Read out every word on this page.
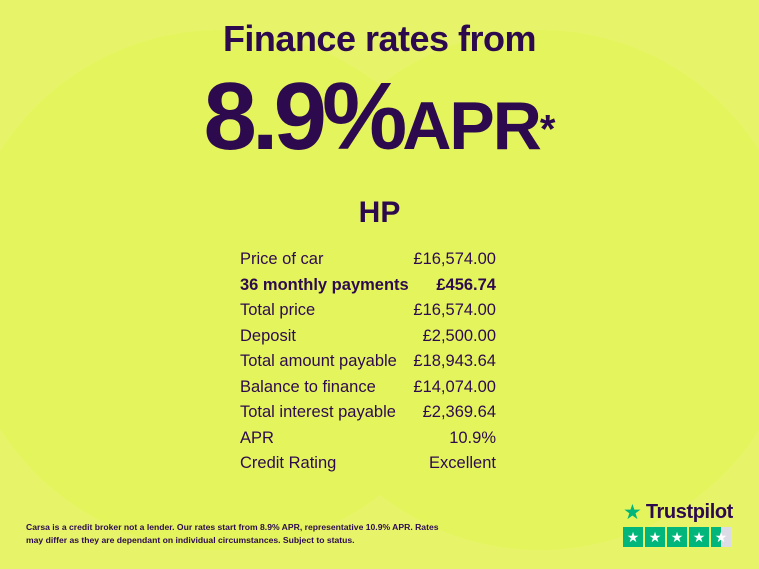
Finance rates from
8.9%APR*
HP
Price of car	£16,574.00
36 monthly payments £456.74
Total price	£16,574.00
Deposit	£2,500.00
Total amount payable £18,943.64
Balance to finance £14,074.00
Total interest payable £2,369.64
APR	10.9%
Credit Rating	Excellent
Carsa is a credit broker not a lender. Our rates start from 8.9% APR, representative 10.9% APR. Rates may differ as they are dependant on individual circumstances. Subject to status.
★ Trustpilot
★ ★ ★ ★ ★
